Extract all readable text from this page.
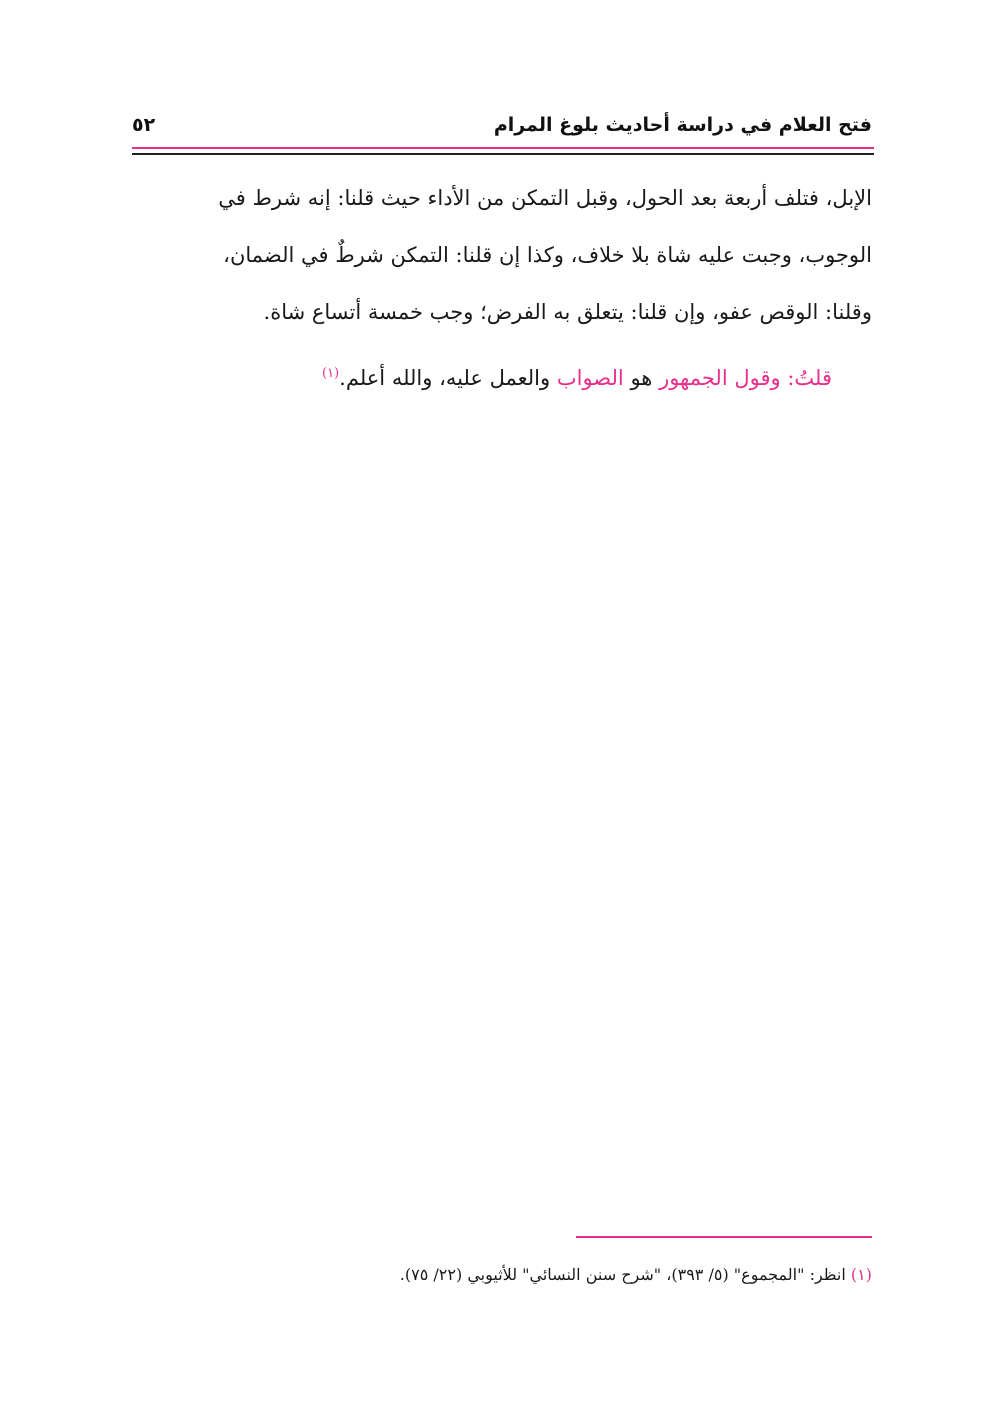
فتح العلام في دراسة أحاديث بلوغ المرام
٥٢
الإبل، فتلف أربعة بعد الحول، وقبل التمكن من الأداء حيث قلنا: إنه شرط في
الوجوب، وجبت عليه شاة بلا خلاف، وكذا إن قلنا: التمكن شرطٌ في الضمان،
وقلنا: الوقص عفو، وإن قلنا: يتعلق به الفرض؛ وجب خمسة أتساع شاة.
قلتُ: وقول الجمهور هو الصواب والعمل عليه، والله أعلم.$^{(١)}$
(١) انظر: "المجموع" (٥/ ٣٩٣)، "شرح سنن النسائي" للأثيوبي (٢٢/ ٧٥).
